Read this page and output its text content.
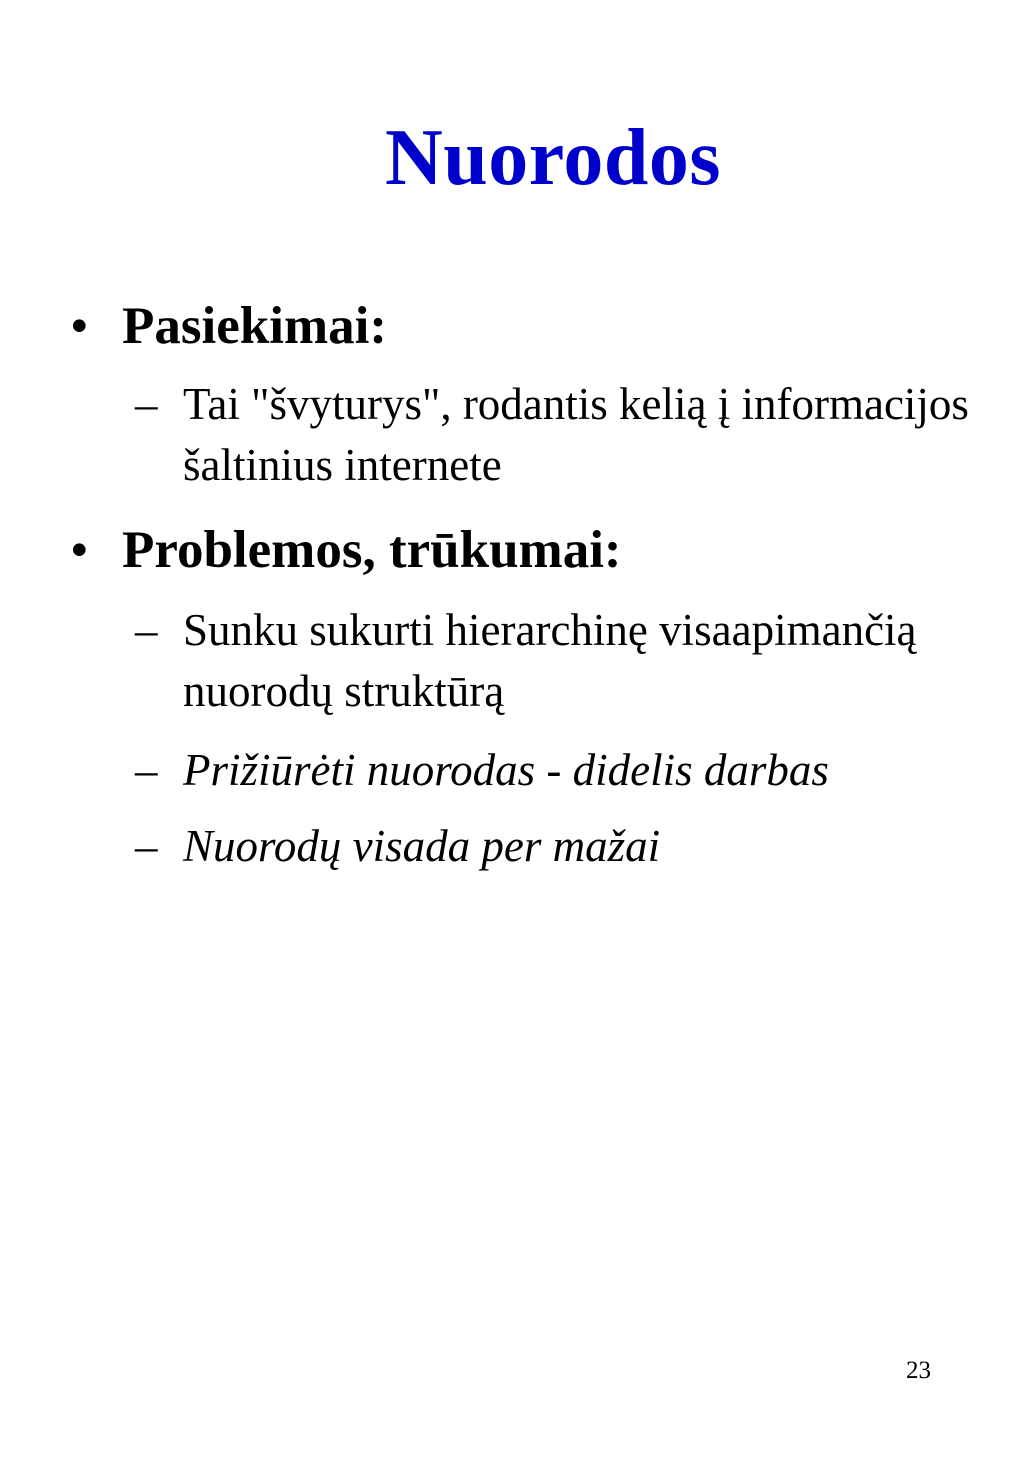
Nuorodos
• Pasiekimai:
– Tai "švyturys", rodantis kelią į informacijos šaltinius internete
• Problemos, trūkumai:
– Sunku sukurti hierarchinę visaapimančią nuorodų struktūrą
– Prižiūrėti nuorodas - didelis darbas
– Nuorodų visada per mažai
23
